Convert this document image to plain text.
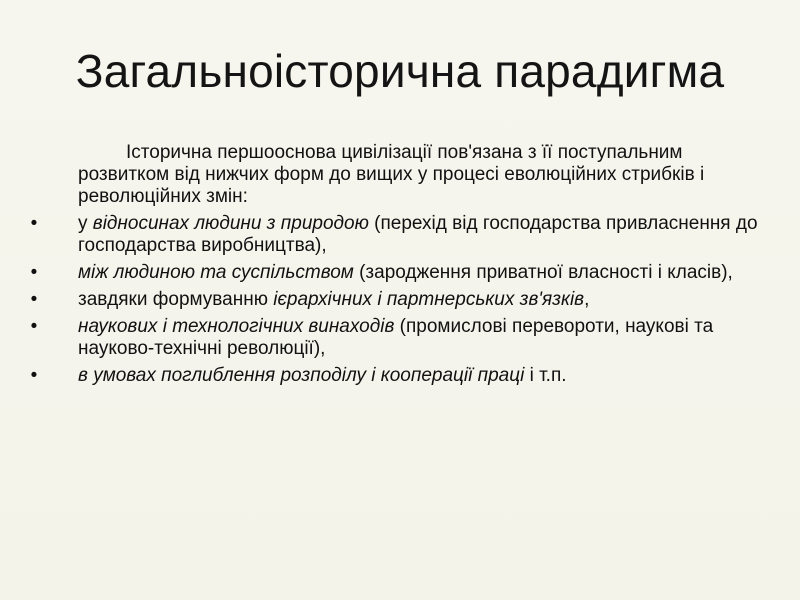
Загальноісторична парадигма

Історична першооснова цивілізації пов'язана з її поступальним розвитком від нижчих форм до вищих у процесі еволюційних стрибків і революційних змін:

• у відносинах людини з природою (перехід від господарства привласнення до господарства виробництва),
• між людиною та суспільством (зародження приватної власності і класів),
• завдяки формуванню ієрархічних і партнерських зв'язків,
• наукових і технологічних винаходів (промислові перевороти, наукові та науково-технічні революції),
• в умовах поглиблення розподілу і кооперації праці і т.п.
